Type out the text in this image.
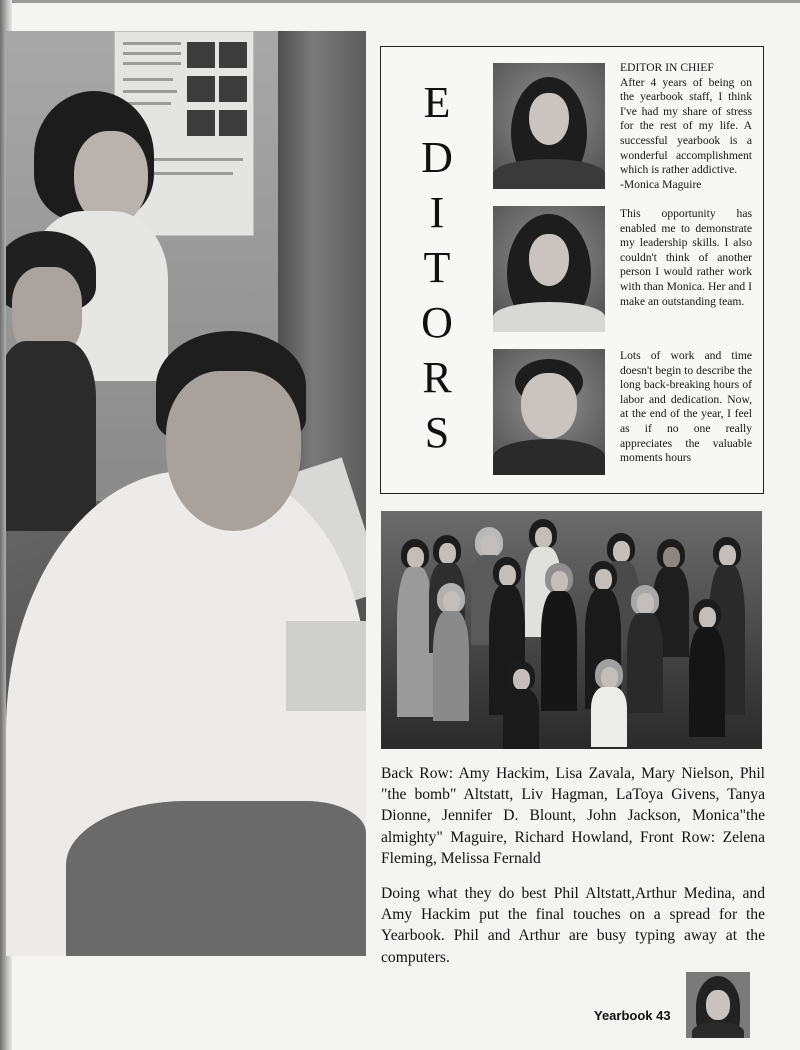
E
D
I
T
O
R
S
EDITOR IN CHIEF
After 4 years of being on the yearbook staff, I think I've had my share of stress for the rest of my life. A successful yearbook is a wonderful accomplishment which is rather addictive.
-Monica Maguire
This opportunity has enabled me to demonstrate my leadership skills. I also couldn't think of another person I would rather work with than Monica. Her and I make an outstanding team.
Lots of work and time doesn't begin to describe the long back-breaking hours of labor and dedication. Now, at the end of the year, I feel as if no one really appreciates the valuable moments hours

Back Row: Amy Hackim, Lisa Zavala, Mary Nielson, Phil "the bomb" Altstatt, Liv Hagman, LaToya Givens, Tanya Dionne, Jennifer D. Blount, John Jackson, Monica"the almighty" Maguire, Richard Howland, Front Row: Zelena Fleming, Melissa Fernald

Doing what they do best Phil Altstatt,Arthur Medina, and Amy Hackim put the final touches on a spread for the Yearbook. Phil and Arthur are busy typing away at the computers.

Yearbook 43
